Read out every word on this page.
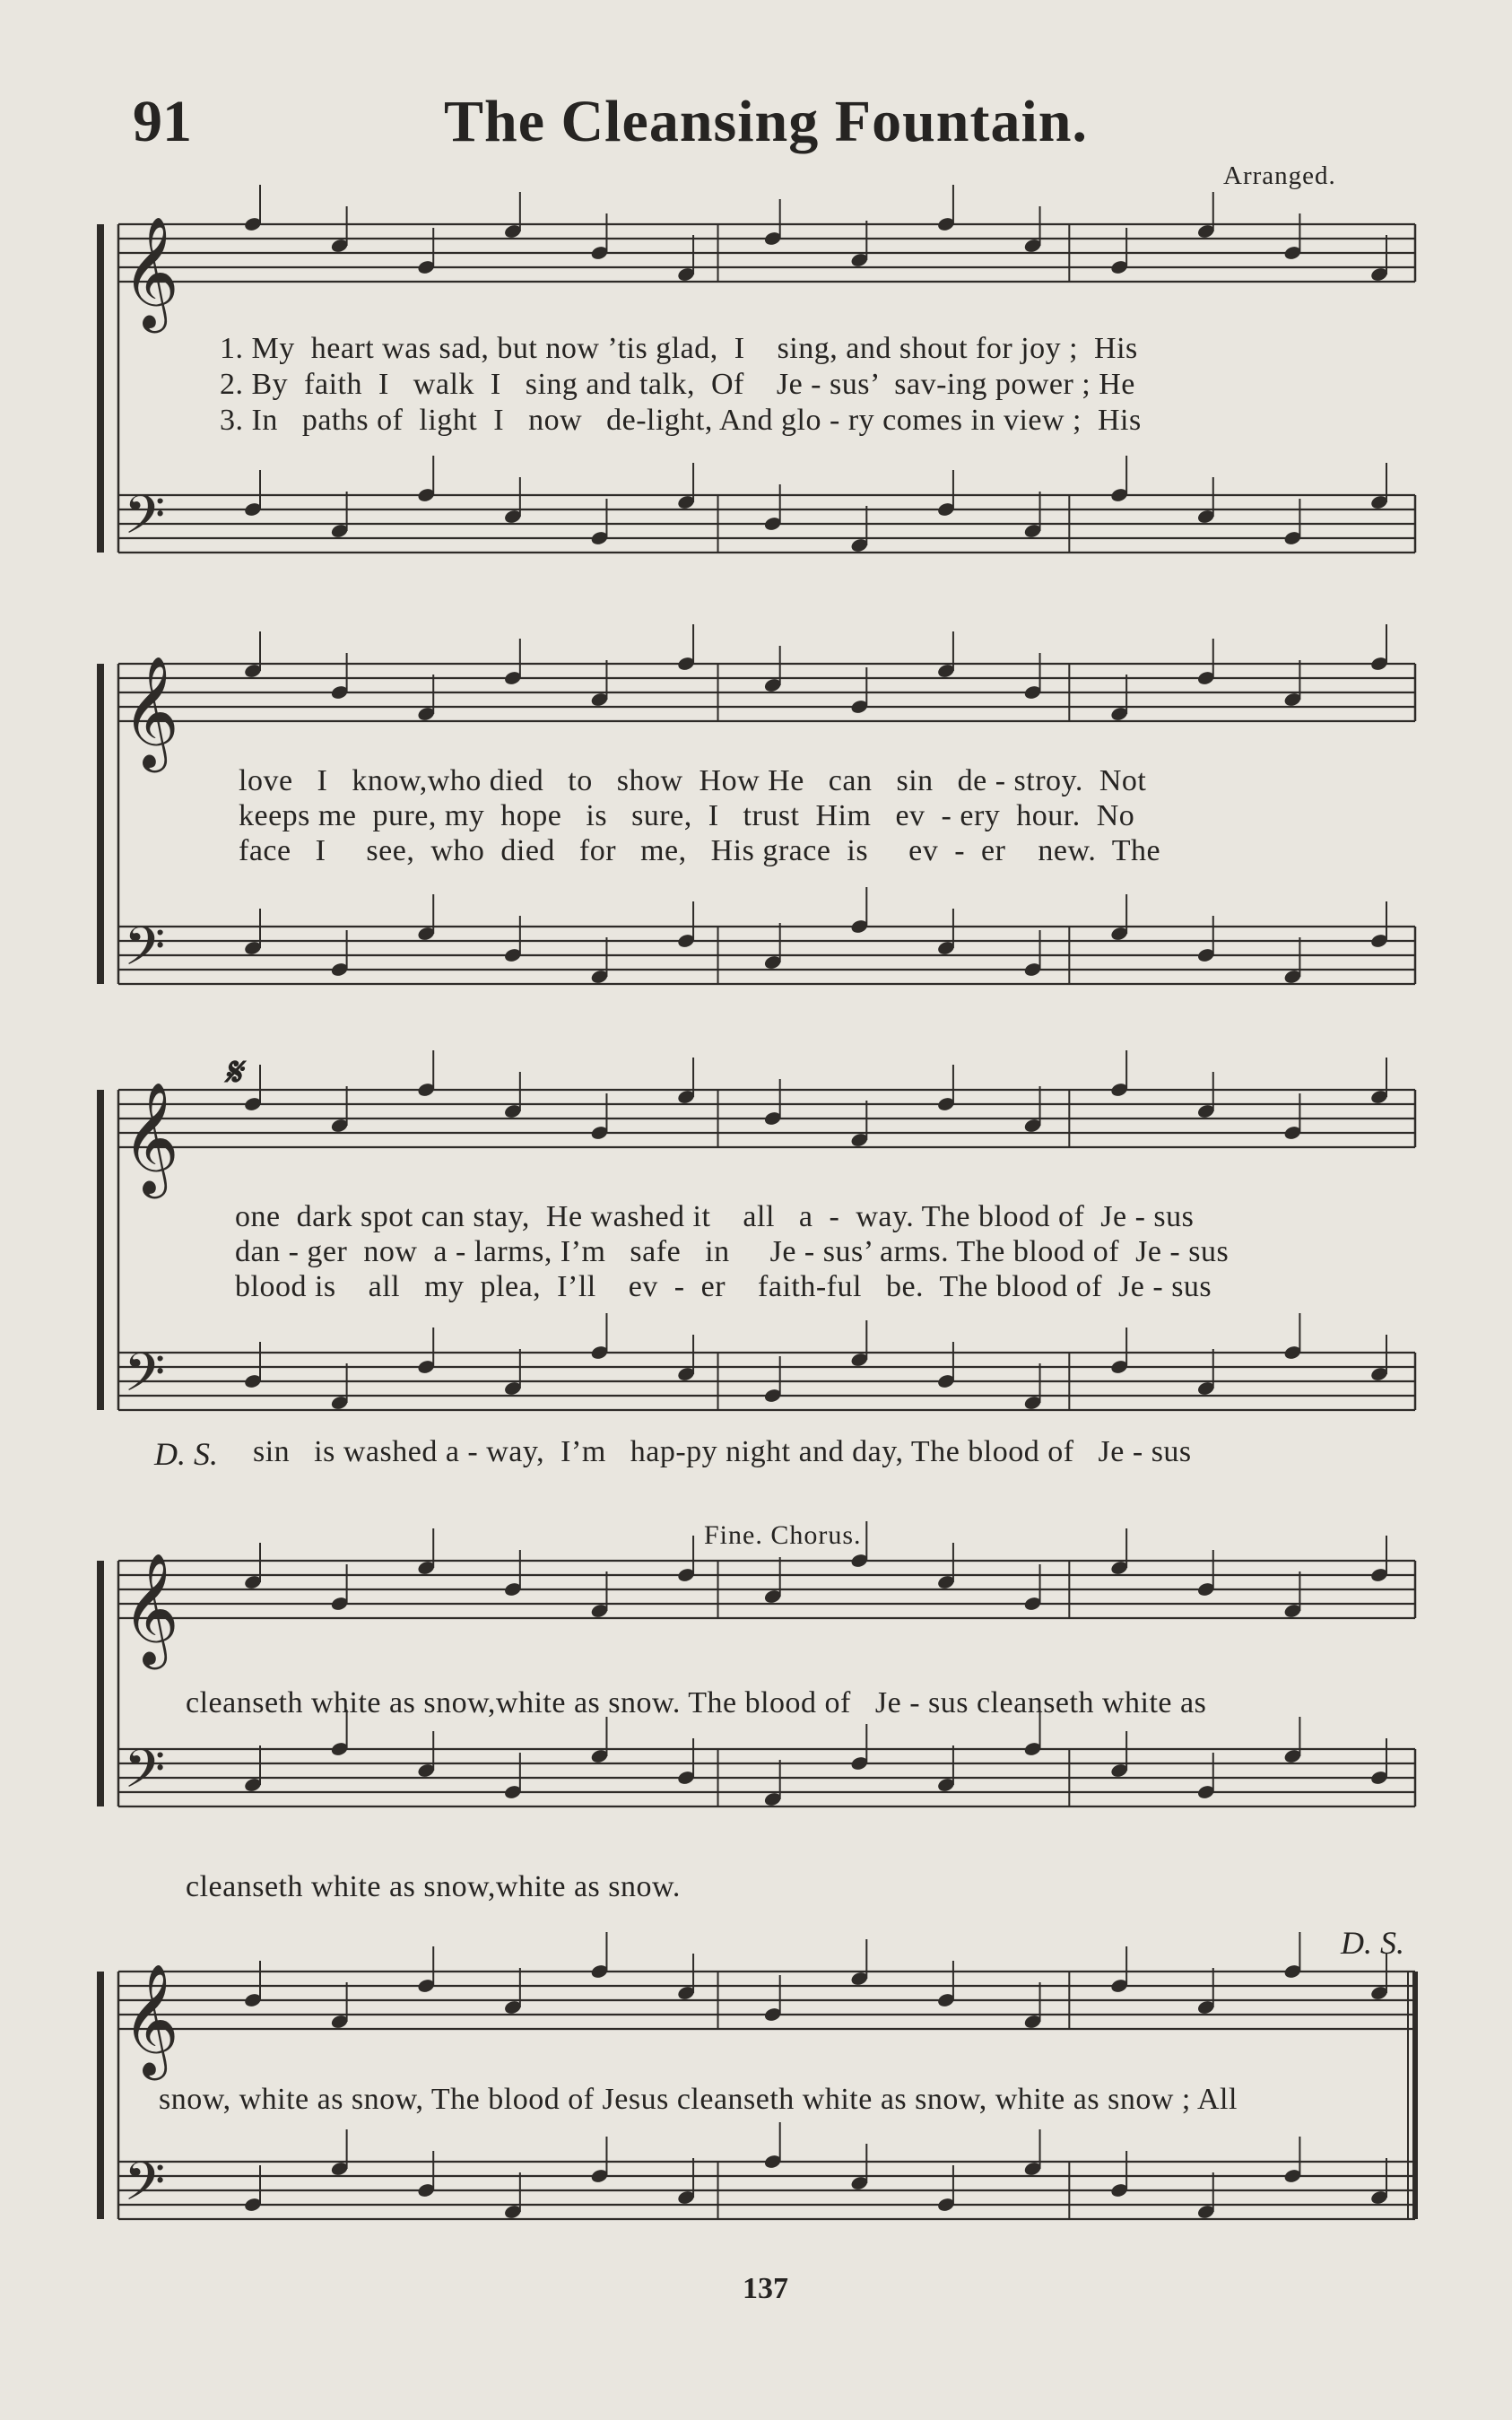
91	The Cleansing Fountain.
Arranged.
𝄞
𝄢
𝄞
𝄢
𝄞
𝄢
𝄞
𝄢
𝄞
𝄢
1. My  heart was sad, but now ’tis glad,  I    sing, and shout for joy ;  His
2. By  faith  I   walk  I   sing and talk,  Of    Je - sus’  sav-ing power ; He
3. In   paths of  light  I   now   de-light, And glo - ry comes in view ;  His
love   I   know,who died   to   show  How He   can   sin   de - stroy.  Not
keeps me  pure, my  hope   is   sure,  I   trust  Him   ev  - ery  hour.  No
face   I     see,  who  died   for   me,   His grace  is     ev  -  er    new.  The
𝄋
one  dark spot can stay,  He washed it    all   a  -  way. The blood of  Je - sus
dan - ger  now  a - larms, I’m   safe   in     Je - sus’ arms. The blood of  Je - sus
blood is    all   my  plea,  I’ll    ev  -  er    faith-ful   be.  The blood of  Je - sus
D. S. sin   is washed a - way,  I’m   hap-py night and day, The blood of   Je - sus
Fine. Chorus.
cleanseth white as snow,white as snow. The blood of   Je - sus cleanseth white as
cleanseth white as snow,white as snow.
D. S.
snow, white as snow, The blood of Jesus cleanseth white as snow, white as snow ; All
137
